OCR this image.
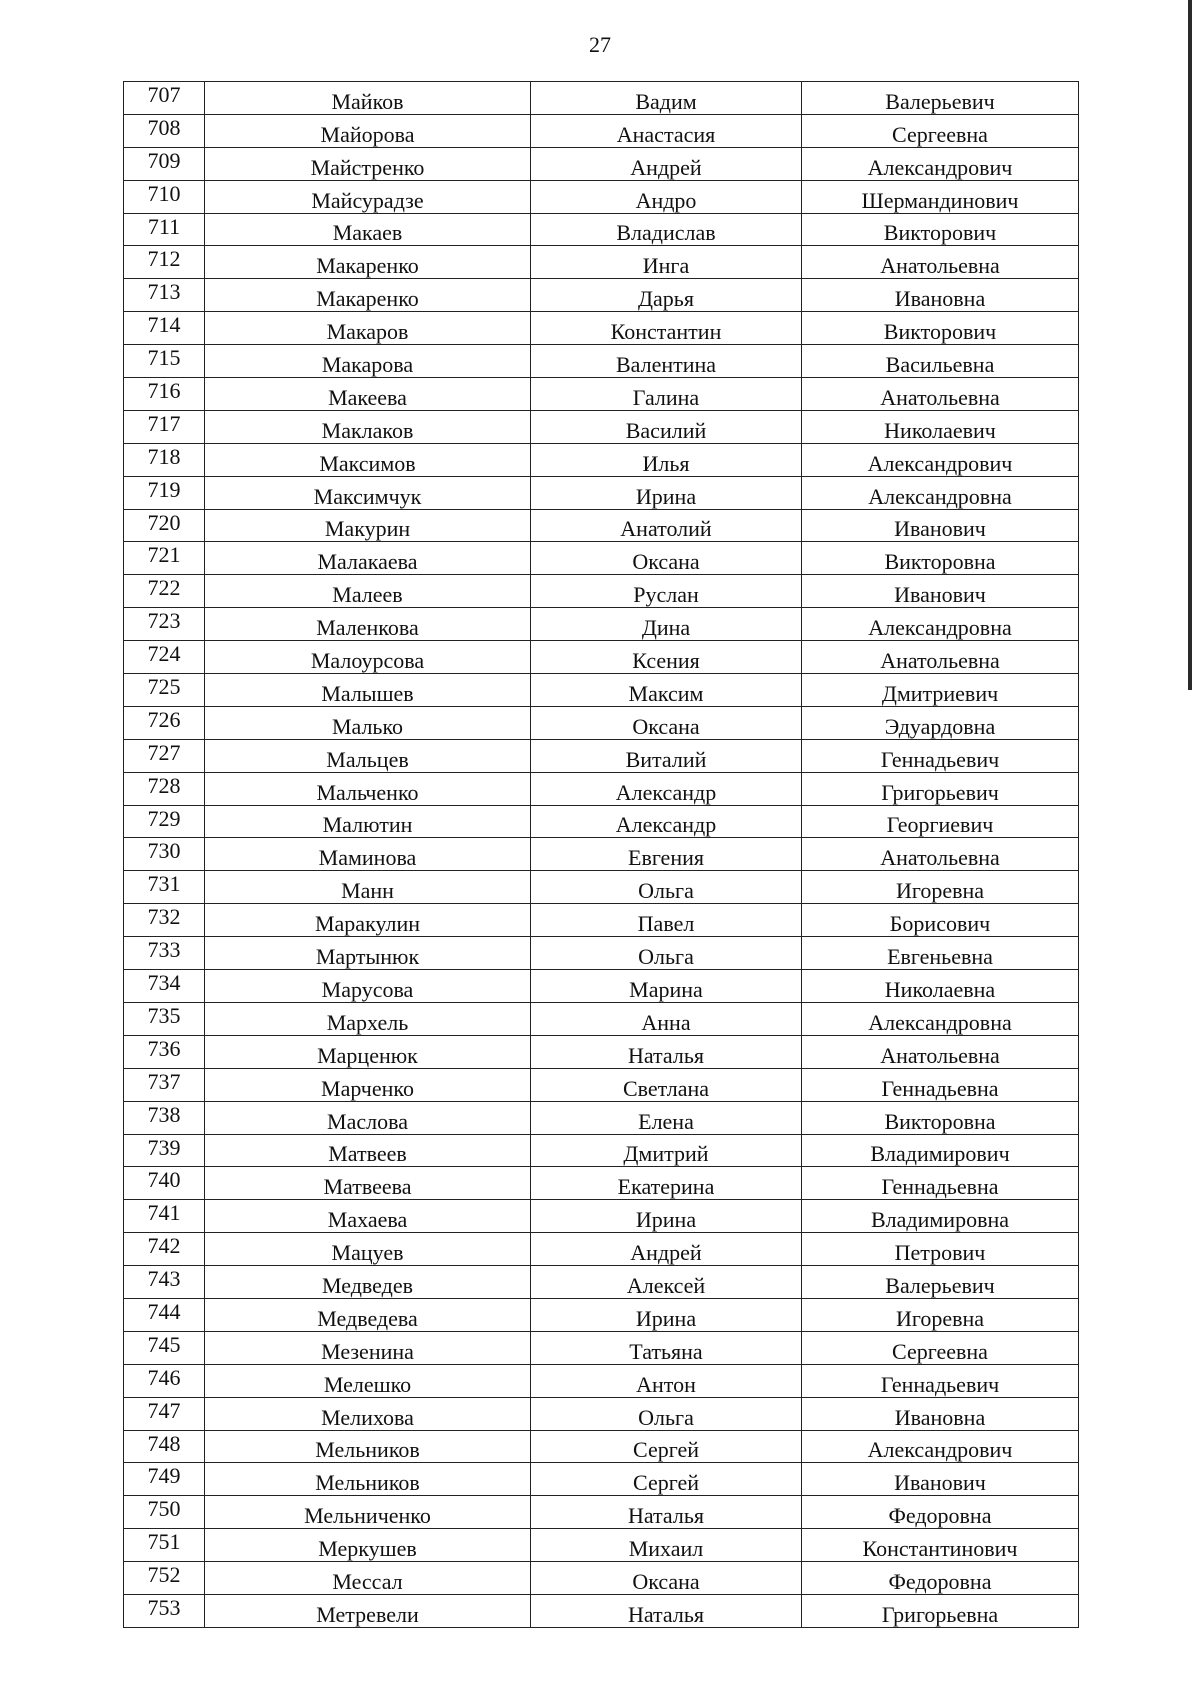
27
707	Майков	Вадим	Валерьевич
708	Майорова	Анастасия	Сергеевна
709	Майстренко	Андрей	Александрович
710	Майсурадзе	Андро	Шермандинович
711	Макаев	Владислав	Викторович
712	Макаренко	Инга	Анатольевна
713	Макаренко	Дарья	Ивановна
714	Макаров	Константин	Викторович
715	Макарова	Валентина	Васильевна
716	Макеева	Галина	Анатольевна
717	Маклаков	Василий	Николаевич
718	Максимов	Илья	Александрович
719	Максимчук	Ирина	Александровна
720	Макурин	Анатолий	Иванович
721	Малакаева	Оксана	Викторовна
722	Малеев	Руслан	Иванович
723	Маленкова	Дина	Александровна
724	Малоурсова	Ксения	Анатольевна
725	Малышев	Максим	Дмитриевич
726	Малько	Оксана	Эдуардовна
727	Мальцев	Виталий	Геннадьевич
728	Мальченко	Александр	Григорьевич
729	Малютин	Александр	Георгиевич
730	Маминова	Евгения	Анатольевна
731	Манн	Ольга	Игоревна
732	Маракулин	Павел	Борисович
733	Мартынюк	Ольга	Евгеньевна
734	Марусова	Марина	Николаевна
735	Мархель	Анна	Александровна
736	Марценюк	Наталья	Анатольевна
737	Марченко	Светлана	Геннадьевна
738	Маслова	Елена	Викторовна
739	Матвеев	Дмитрий	Владимирович
740	Матвеева	Екатерина	Геннадьевна
741	Махаева	Ирина	Владимировна
742	Мацуев	Андрей	Петрович
743	Медведев	Алексей	Валерьевич
744	Медведева	Ирина	Игоревна
745	Мезенина	Татьяна	Сергеевна
746	Мелешко	Антон	Геннадьевич
747	Мелихова	Ольга	Ивановна
748	Мельников	Сергей	Александрович
749	Мельников	Сергей	Иванович
750	Мельниченко	Наталья	Федоровна
751	Меркушев	Михаил	Константинович
752	Мессал	Оксана	Федоровна
753	Метревели	Наталья	Григорьевна
